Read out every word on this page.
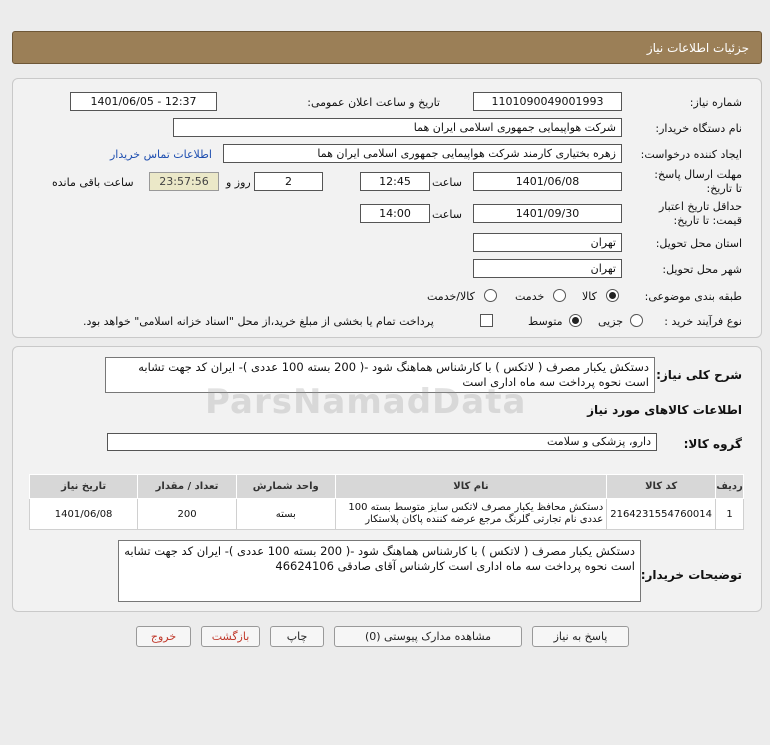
جزئیات اطلاعات نیاز
شماره نیاز:
1101090049001993
تاریخ و ساعت اعلان عمومی:
1401/06/05 - 12:37
نام دستگاه خریدار:
شرکت هواپیمایی جمهوری اسلامی ایران هما
ایجاد کننده درخواست:
زهره بختیاری کارمند شرکت هواپیمایی جمهوری اسلامی ایران هما
اطلاعات تماس خریدار
مهلت ارسال پاسخ: تا تاریخ:
1401/06/08
ساعت
12:45
2
روز و
23:57:56
ساعت باقی مانده
حداقل تاریخ اعتبار قیمت: تا تاریخ:
1401/09/30
ساعت
14:00
استان محل تحویل:
تهران
شهر محل تحویل:
تهران
طبقه بندی موضوعی:
کالا
خدمت
کالا/خدمت
نوع فرآیند خرید :
جزیی
متوسط
پرداخت تمام یا بخشی از مبلغ خرید،از محل "اسناد خزانه اسلامی" خواهد بود.
شرح کلی نیاز:
دستکش یکبار مصرف ( لاتکس ) با کارشناس هماهنگ شود -( 200 بسته 100 عددی )- ایران کد جهت تشابه است نحوه پرداخت سه ماه اداری است
اطلاعات کالاهای مورد نیاز
گروه کالا:
دارو، پزشکی و سلامت
ردیف	کد کالا	نام کالا	واحد شمارش	تعداد / مقدار	تاریخ نیاز
1	2164231554760014	دستکش محافظ یکبار مصرف لاتکس سایز متوسط بسته 100 عددی نام تجارتی گلرنگ مرجع عرضه کننده پاکان پلاستکار	بسته	200	1401/06/08
توضیحات خریدار:
دستکش یکبار مصرف ( لاتکس ) با کارشناس هماهنگ شود -( 200 بسته 100 عددی )- ایران کد جهت تشابه است نحوه پرداخت سه ماه اداری است کارشناس آقای صادقی 46624106
ParsNamadData
پاسخ به نیاز
مشاهده مدارک پیوستی (0)
چاپ
بازگشت
خروج
